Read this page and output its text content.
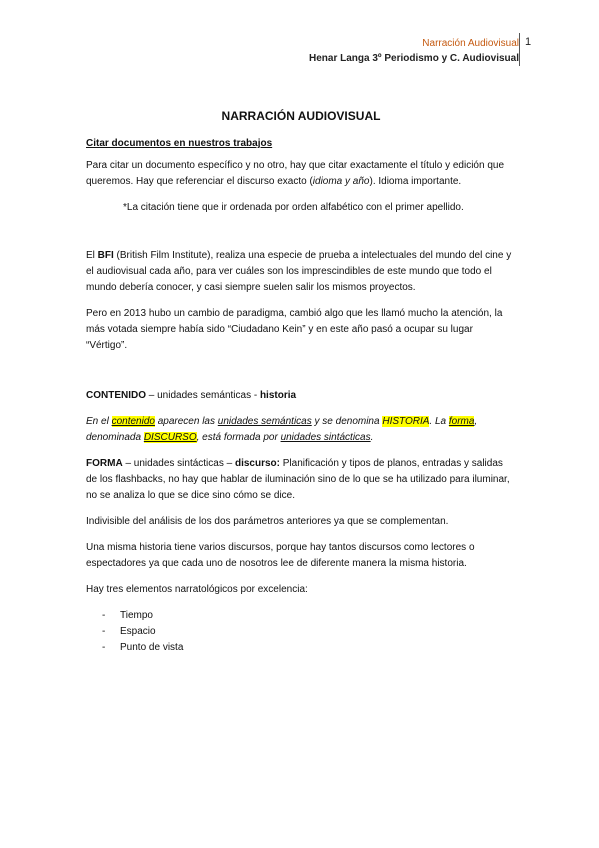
Narración Audiovisual
Henar Langa 3º Periodismo y C. Audiovisual
1
NARRACIÓN AUDIOVISUAL
Citar documentos en nuestros trabajos

Para citar un documento específico y no otro, hay que citar exactamente el título y edición que queremos. Hay que referenciar el discurso exacto (idioma y año). Idioma importante.

*La citación tiene que ir ordenada por orden alfabético con el primer apellido.

El BFI (British Film Institute), realiza una especie de prueba a intelectuales del mundo del cine y el audiovisual cada año, para ver cuáles son los imprescindibles de este mundo que todo el mundo debería conocer, y casi siempre suelen salir los mismos proyectos.

Pero en 2013 hubo un cambio de paradigma, cambió algo que les llamó mucho la atención, la más votada siempre había sido “Ciudadano Kein” y en este año pasó a ocupar su lugar “Vértigo”.

CONTENIDO – unidades semánticas - historia

En el contenido aparecen las unidades semánticas y se denomina HISTORIA. La forma, denominada DISCURSO, está formada por unidades sintácticas.

FORMA – unidades sintácticas – discurso: Planificación y tipos de planos, entradas y salidas de los flashbacks, no hay que hablar de iluminación sino de lo que se ha utilizado para iluminar, no se analiza lo que se dice sino cómo se dice.

Indivisible del análisis de los dos parámetros anteriores ya que se complementan.

Una misma historia tiene varios discursos, porque hay tantos discursos como lectores o espectadores ya que cada uno de nosotros lee de diferente manera la misma historia.

Hay tres elementos narratológicos por excelencia:

-	Tiempo
-	Espacio
-	Punto de vista
